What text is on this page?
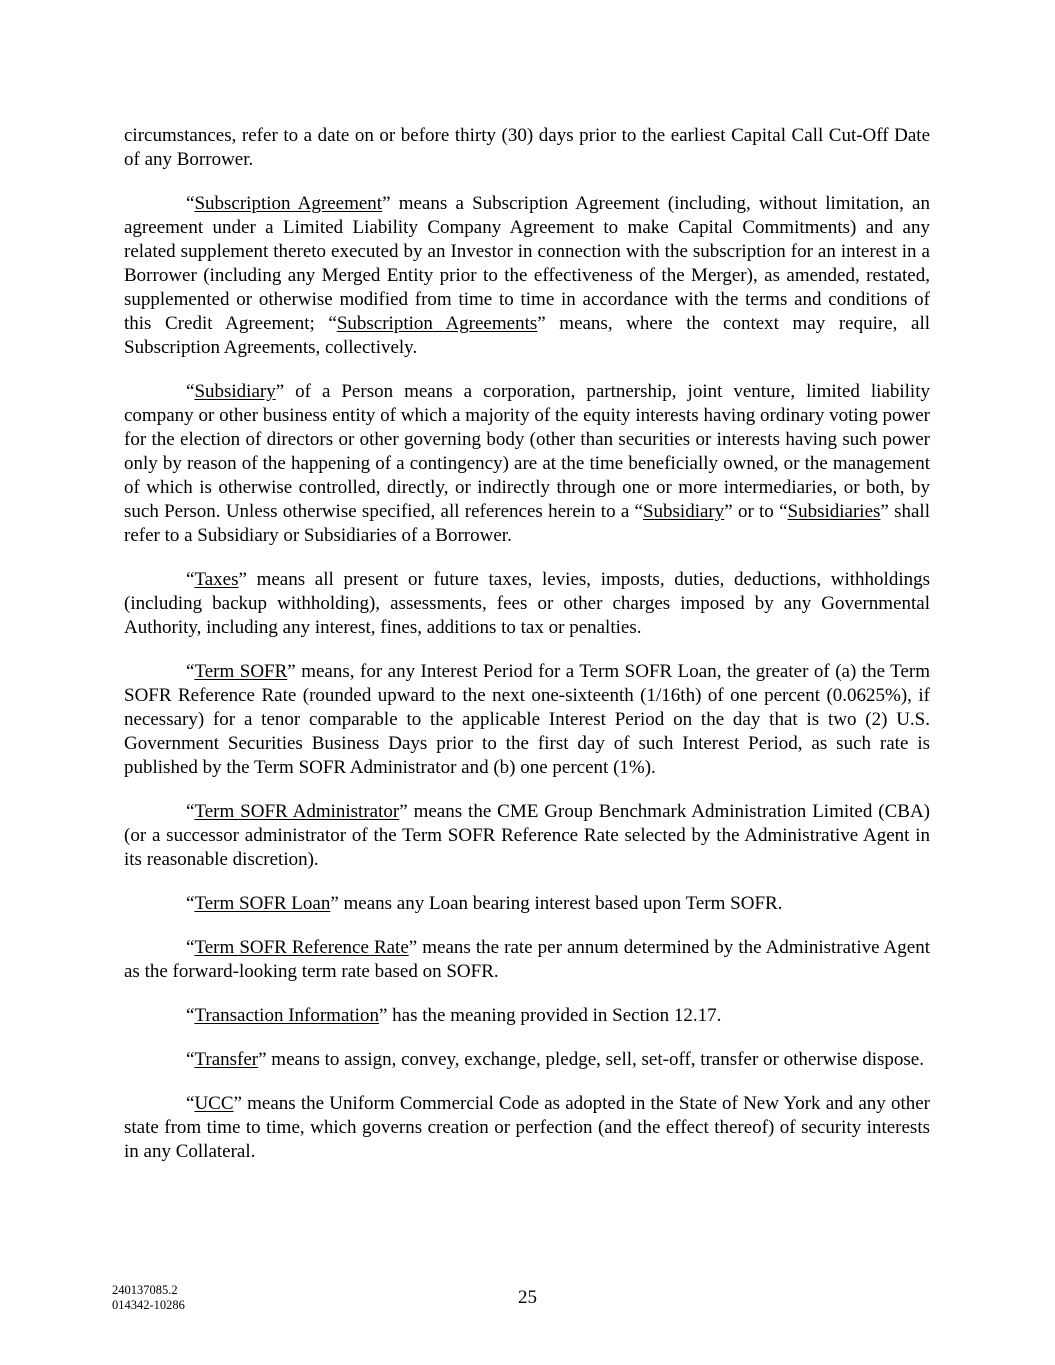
circumstances, refer to a date on or before thirty (30) days prior to the earliest Capital Call Cut-Off Date of any Borrower.

“Subscription Agreement” means a Subscription Agreement (including, without limitation, an agreement under a Limited Liability Company Agreement to make Capital Commitments) and any related supplement thereto executed by an Investor in connection with the subscription for an interest in a Borrower (including any Merged Entity prior to the effectiveness of the Merger), as amended, restated, supplemented or otherwise modified from time to time in accordance with the terms and conditions of this Credit Agreement; “Subscription Agreements” means, where the context may require, all Subscription Agreements, collectively.

“Subsidiary” of a Person means a corporation, partnership, joint venture, limited liability company or other business entity of which a majority of the equity interests having ordinary voting power for the election of directors or other governing body (other than securities or interests having such power only by reason of the happening of a contingency) are at the time beneficially owned, or the management of which is otherwise controlled, directly, or indirectly through one or more intermediaries, or both, by such Person. Unless otherwise specified, all references herein to a “Subsidiary” or to “Subsidiaries” shall refer to a Subsidiary or Subsidiaries of a Borrower.

“Taxes” means all present or future taxes, levies, imposts, duties, deductions, withholdings (including backup withholding), assessments, fees or other charges imposed by any Governmental Authority, including any interest, fines, additions to tax or penalties.

“Term SOFR” means, for any Interest Period for a Term SOFR Loan, the greater of (a) the Term SOFR Reference Rate (rounded upward to the next one-sixteenth (1/16th) of one percent (0.0625%), if necessary) for a tenor comparable to the applicable Interest Period on the day that is two (2) U.S. Government Securities Business Days prior to the first day of such Interest Period, as such rate is published by the Term SOFR Administrator and (b) one percent (1%).

“Term SOFR Administrator” means the CME Group Benchmark Administration Limited (CBA) (or a successor administrator of the Term SOFR Reference Rate selected by the Administrative Agent in its reasonable discretion).

“Term SOFR Loan” means any Loan bearing interest based upon Term SOFR.

“Term SOFR Reference Rate” means the rate per annum determined by the Administrative Agent as the forward-looking term rate based on SOFR.

“Transaction Information” has the meaning provided in Section 12.17.

“Transfer” means to assign, convey, exchange, pledge, sell, set-off, transfer or otherwise dispose.

“UCC” means the Uniform Commercial Code as adopted in the State of New York and any other state from time to time, which governs creation or perfection (and the effect thereof) of security interests in any Collateral.

240137085.2
014342-10286	25
